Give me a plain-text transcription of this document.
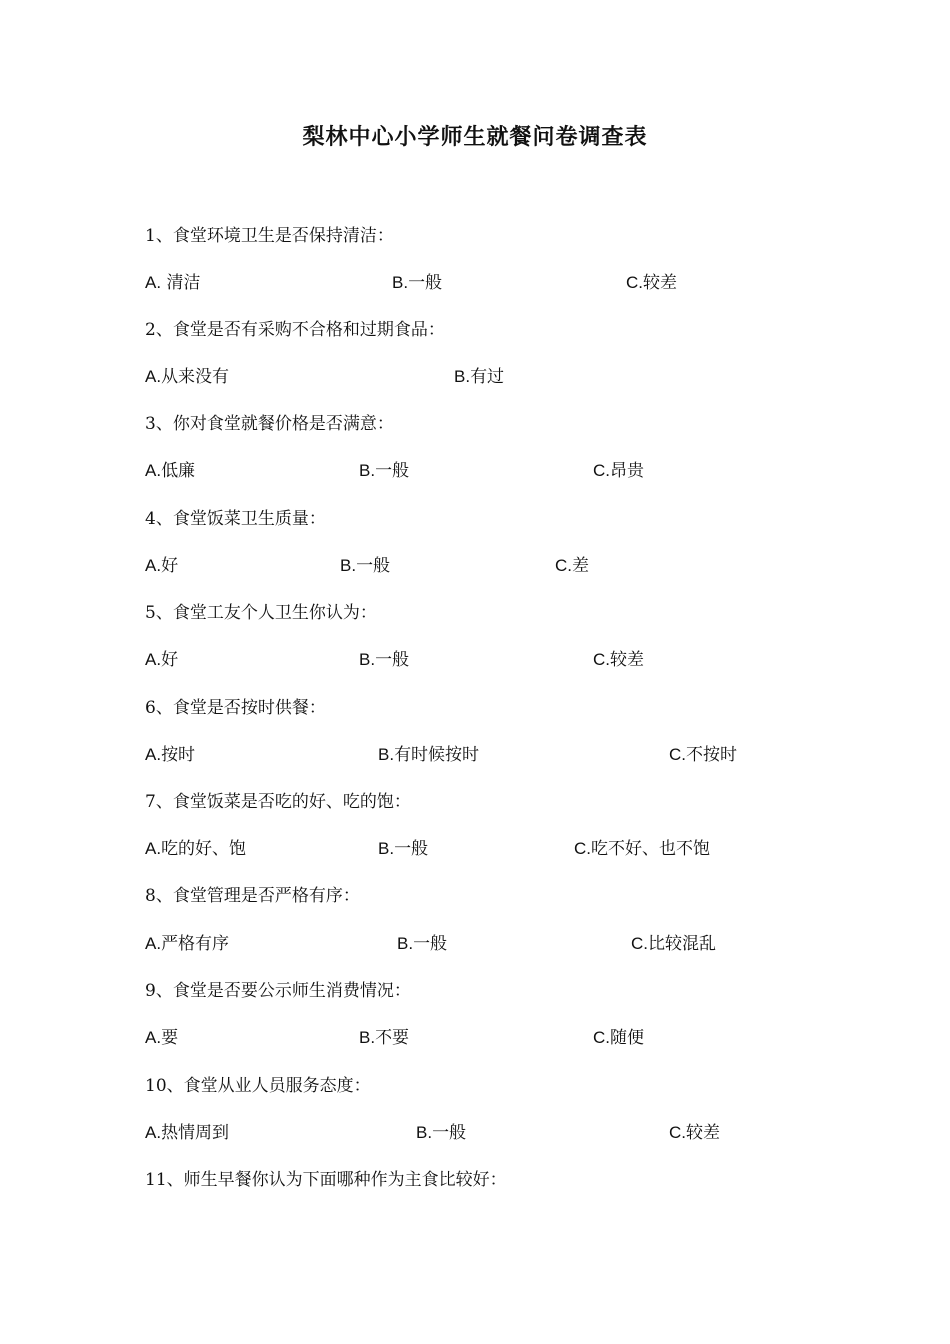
梨林中心小学师生就餐问卷调查表
1、食堂环境卫生是否保持清洁：
A. 清洁	B.一般	C.较差
2、食堂是否有采购不合格和过期食品：
A.从来没有	B.有过
3、你对食堂就餐价格是否满意：
A.低廉	B.一般	C.昂贵
4、食堂饭菜卫生质量：
A.好	B.一般	C.差
5、食堂工友个人卫生你认为：
A.好	B.一般	C.较差
6、食堂是否按时供餐：
A.按时	B.有时候按时	C.不按时
7、食堂饭菜是否吃的好、吃的饱：
A.吃的好、饱	B.一般	C.吃不好、也不饱
8、食堂管理是否严格有序：
A.严格有序	B.一般	C.比较混乱
9、食堂是否要公示师生消费情况：
A.要	B.不要	C.随便
10、食堂从业人员服务态度：
A.热情周到	B.一般	C.较差
11、师生早餐你认为下面哪种作为主食比较好：
